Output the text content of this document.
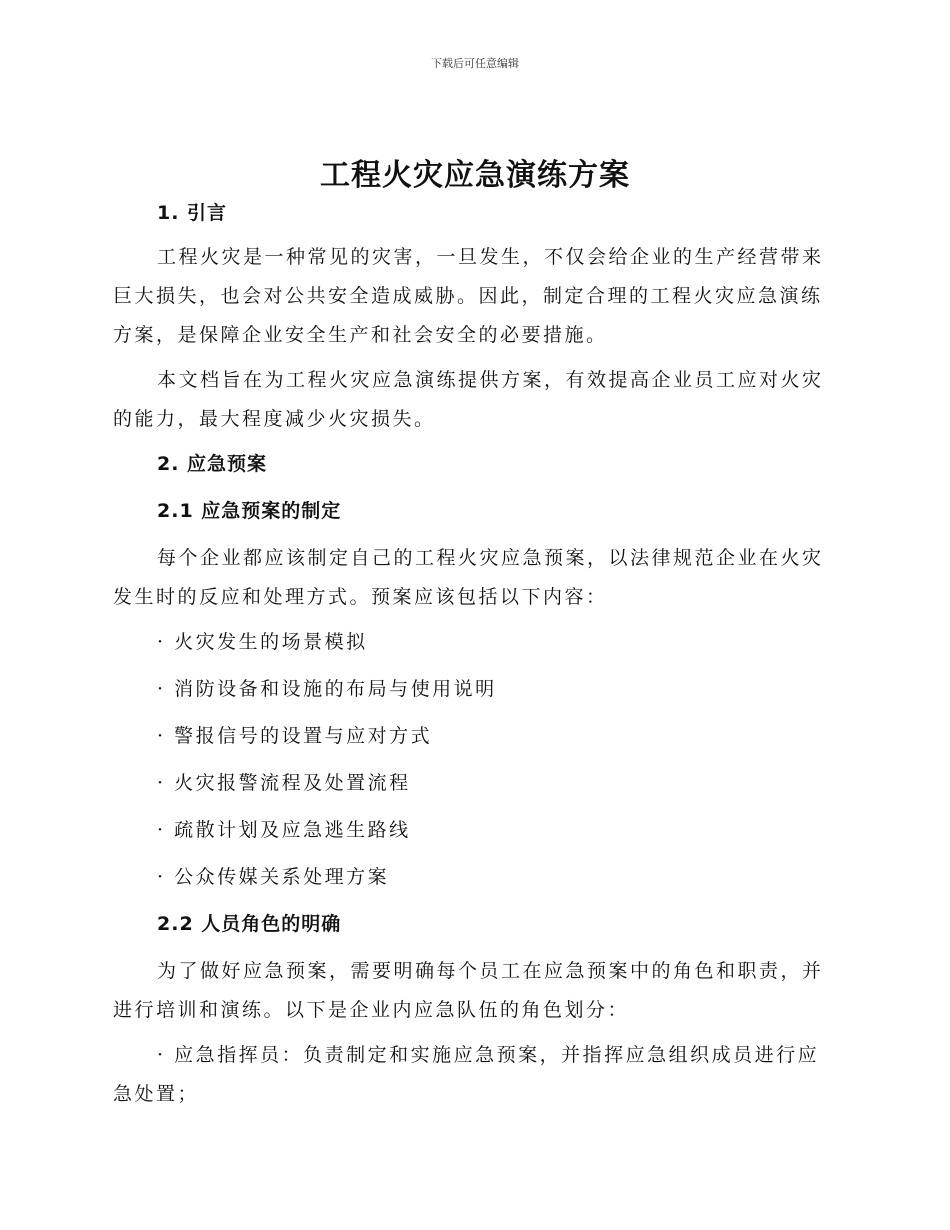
下载后可任意编辑
工程火灾应急演练方案

1. 引言

工程火灾是一种常见的灾害，一旦发生，不仅会给企业的生产经营带来巨大损失，也会对公共安全造成威胁。因此，制定合理的工程火灾应急演练方案，是保障企业安全生产和社会安全的必要措施。

本文档旨在为工程火灾应急演练提供方案，有效提高企业员工应对火灾的能力，最大程度减少火灾损失。

2. 应急预案

2.1 应急预案的制定

每个企业都应该制定自己的工程火灾应急预案，以法律规范企业在火灾发生时的反应和处理方式。预案应该包括以下内容：

· 火灾发生的场景模拟

· 消防设备和设施的布局与使用说明

· 警报信号的设置与应对方式

· 火灾报警流程及处置流程

· 疏散计划及应急逃生路线

· 公众传媒关系处理方案

2.2 人员角色的明确

为了做好应急预案，需要明确每个员工在应急预案中的角色和职责，并进行培训和演练。以下是企业内应急队伍的角色划分：

· 应急指挥员：负责制定和实施应急预案，并指挥应急组织成员进行应急处置；
